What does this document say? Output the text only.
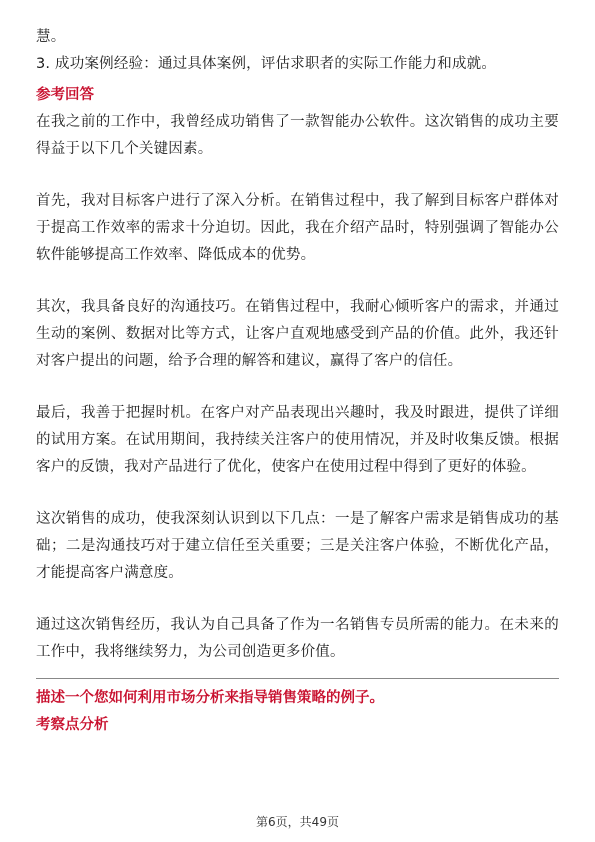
慧。

3. 成功案例经验：通过具体案例，评估求职者的实际工作能力和成就。

参考回答

在我之前的工作中，我曾经成功销售了一款智能办公软件。这次销售的成功主要得益于以下几个关键因素。

首先，我对目标客户进行了深入分析。在销售过程中，我了解到目标客户群体对于提高工作效率的需求十分迫切。因此，我在介绍产品时，特别强调了智能办公软件能够提高工作效率、降低成本的优势。

其次，我具备良好的沟通技巧。在销售过程中，我耐心倾听客户的需求，并通过生动的案例、数据对比等方式，让客户直观地感受到产品的价值。此外，我还针对客户提出的问题，给予合理的解答和建议，赢得了客户的信任。

最后，我善于把握时机。在客户对产品表现出兴趣时，我及时跟进，提供了详细的试用方案。在试用期间，我持续关注客户的使用情况，并及时收集反馈。根据客户的反馈，我对产品进行了优化，使客户在使用过程中得到了更好的体验。

这次销售的成功，使我深刻认识到以下几点：一是了解客户需求是销售成功的基础；二是沟通技巧对于建立信任至关重要；三是关注客户体验，不断优化产品，才能提高客户满意度。

通过这次销售经历，我认为自己具备了作为一名销售专员所需的能力。在未来的工作中，我将继续努力，为公司创造更多价值。

描述一个您如何利用市场分析来指导销售策略的例子。

考察点分析

第6页，共49页
